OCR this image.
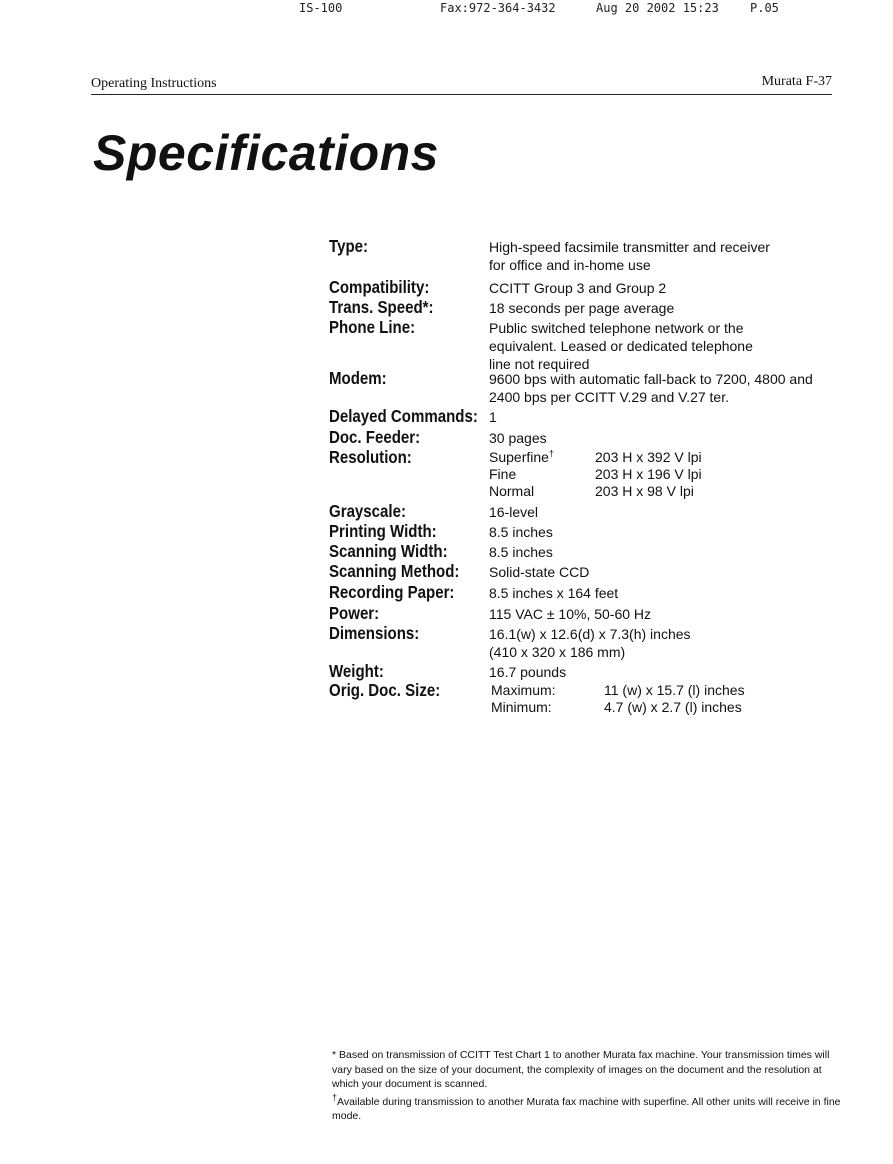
IS-100	Fax:972-364-3432	Aug 20 2002 15:23	P.05
Operating Instructions	Murata F-37
Specifications
Type:	High-speed facsimile transmitter and receiver
for office and in-home use
Compatibility:	CCITT Group 3 and Group 2
Trans. Speed*:	18 seconds per page average
Phone Line:	Public switched telephone network or the
equivalent. Leased or dedicated telephone
line not required
Modem:	9600 bps with automatic fall-back to 7200, 4800 and
2400 bps per CCITT V.29 and V.27 ter.
Delayed Commands: 1
Doc. Feeder:	30 pages
Resolution:	Superfine†	203 H x 392 V lpi
Fine	203 H x 196 V lpi
Normal	203 H x 98 V lpi
Grayscale:	16-level
Printing Width:	8.5 inches
Scanning Width:	8.5 inches
Scanning Method:	Solid-state CCD
Recording Paper:	8.5 inches x 164 feet
Power:	115 VAC ± 10%, 50-60 Hz
Dimensions:	16.1(w) x 12.6(d) x 7.3(h) inches
(410 x 320 x 186 mm)
Weight:	16.7 pounds
Orig. Doc. Size:	Maximum:	11 (w) x 15.7 (l) inches
Minimum:	4.7 (w) x 2.7 (l) inches

* Based on transmission of CCITT Test Chart 1 to another Murata fax machine. Your transmission times will vary based on the size of your document, the complexity of images on the document and the resolution at which your document is scanned.

†Available during transmission to another Murata fax machine with superfine. All other units will receive in fine mode.
